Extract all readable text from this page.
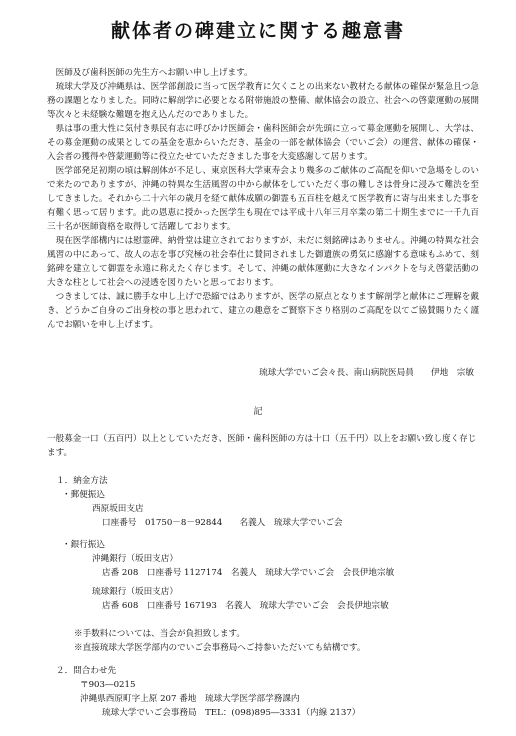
献体者の碑建立に関する趣意書

医師及び歯科医師の先生方へお願い申し上げます。

琉球大学及び沖縄県は、医学部創設に当って医学教育に欠くことの出来ない教材たる献体の確保が緊急且つ急務の課題となりました。同時に解剖学に必要となる附帯施設の整備、献体協会の設立、社会への啓蒙運動の展開等次々と未経験な難題を抱え込んだのでありました。

県は事の重大性に気付き県民有志に呼びかけ医師会・歯科医師会が先頭に立って募金運動を展開し、大学は、その募金運動の成果としての基金を恵からいただき、基金の一部を献体協会（でいご会）の運営、献体の確保・入会者の獲得や啓蒙運動等に役立たせていただきました事を大変感謝して居ります。

医学部発足初期の頃は解剖体が不足し、東京医科大学東寿会より幾多のご献体のご高配を仰いで急場をしのいで来たのでありますが、沖縄の特異な生活風習の中から献体をしていただく事の難しさは骨身に浸みて難渋を至してきました。それから二十六年の歳月を経て献体成願の御霊も五百柱を越えて医学教育に寄与出来ました事を有難く思って居ります。此の恩恵に授かった医学生も現在では平成十八年三月卒業の第二十期生までに一千九百三十名が医師資格を取得して活躍しております。

現在医学部構内には慰霊碑、納骨堂は建立されておりますが、未だに刻銘碑はありません。沖縄の特異な社会風習の中にあって、故人の志を事び究極の社会奉仕に賛同されました御遺族の勇気に感謝する意味もふめて、刻銘碑を建立して御霊を永遠に称えたく存じます。そして、沖縄の献体運動に大きなインパクトを与え啓蒙活動の大きな柱として社会への浸透を図りたいと思っております。

つきましては、誠に勝手な申し上げで恐縮ではありますが、医学の原点となります解剖学と献体にご理解を戴き、どうかご自身のご出身校の事と思われて、建立の趣意をご賢察下さり格別のご高配を以てご協賛賜りたく謹んでお願いを申し上げます。

琉球大学でいご会々長、南山病院医局員　　伊地　宗敏
記
一般募金一口（五百円）以上としていただき、医師・歯科医師の方は十口（五千円）以上をお願い致し度く存じます。
１．納金方法
・郵便振込
西原坂田支店
口座番号　01750－8－92844　　名義人　琉球大学でいご会
・銀行振込
沖縄銀行（坂田支店）
店番 208　口座番号 1127174　名義人　琉球大学でいご会　会長伊地宗敏
琉球銀行（坂田支店）
店番 608　口座番号 167193　名義人　琉球大学でいご会　会長伊地宗敏
※手数料については、当会が負担致します。
※直接琉球大学医学部内のでいご会事務局へご持参いただいても結構です。
２．問合わせ先
〒903―0215
沖縄県西原町字上原 207 番地　琉球大学医学部学務課内
琉球大学でいご会事務局　TEL：(098)895―3331（内線 2137）
